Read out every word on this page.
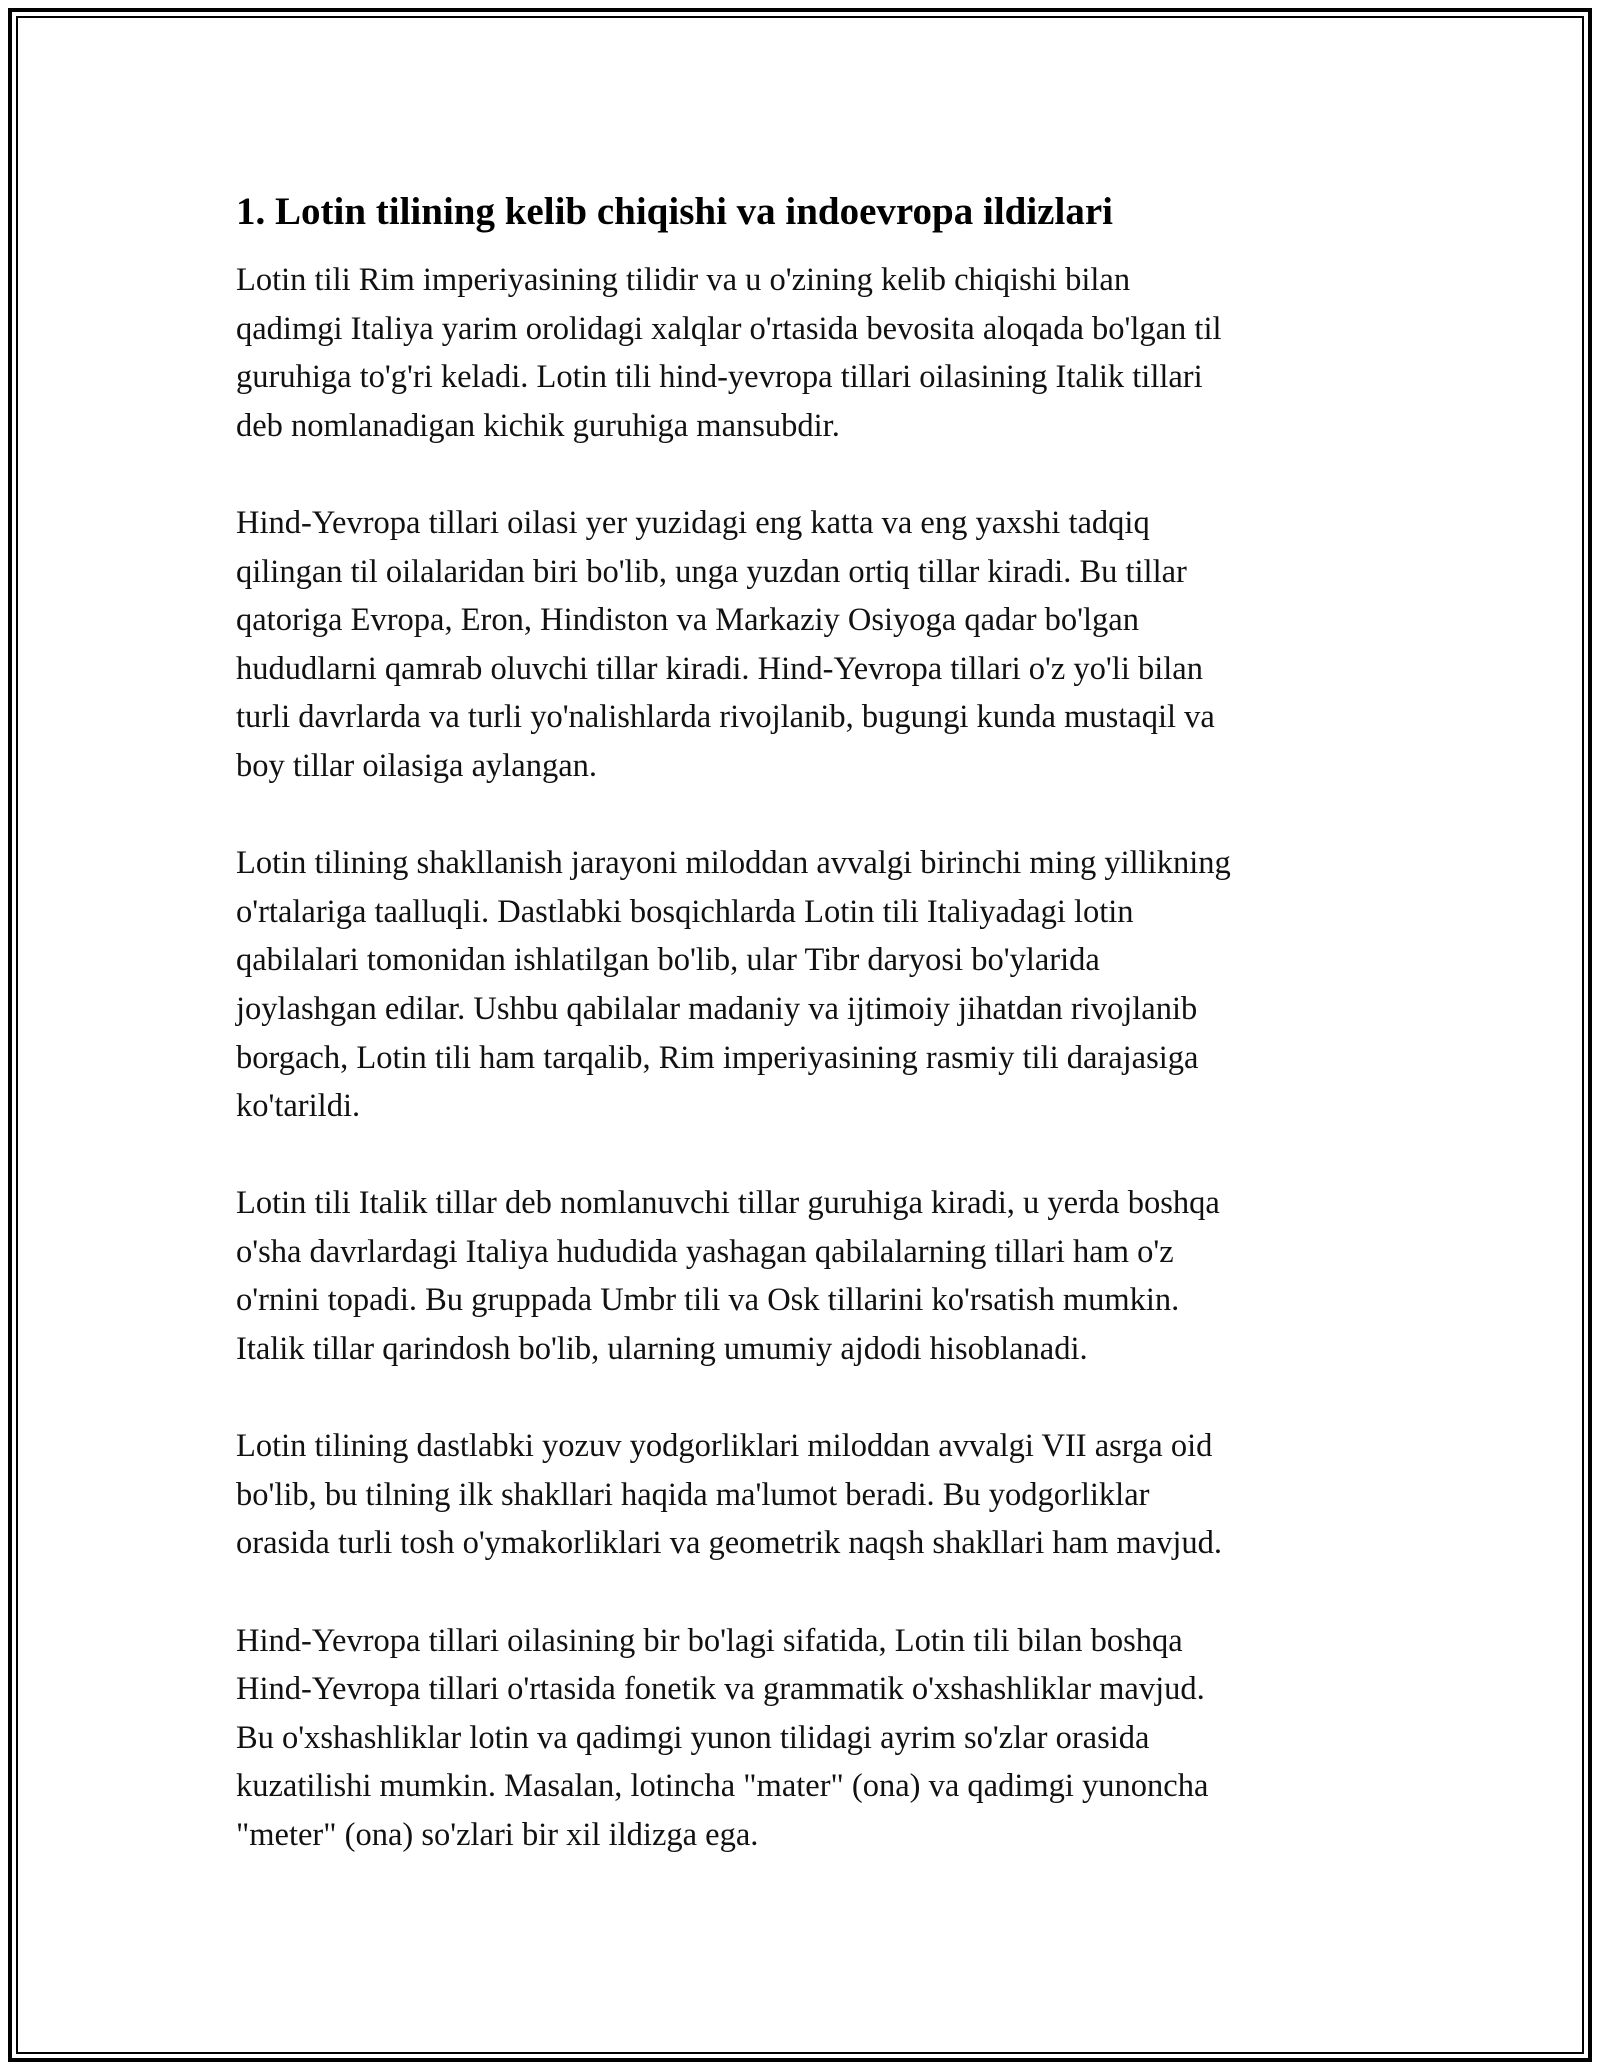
1. Lotin tilining kelib chiqishi va indoevropa ildizlari

Lotin tili Rim imperiyasining tilidir va u o'zining kelib chiqishi bilan
qadimgi Italiya yarim orolidagi xalqlar o'rtasida bevosita aloqada bo'lgan til
guruhiga to'g'ri keladi. Lotin tili hind-yevropa tillari oilasining Italik tillari
deb nomlanadigan kichik guruhiga mansubdir.

Hind-Yevropa tillari oilasi yer yuzidagi eng katta va eng yaxshi tadqiq
qilingan til oilalaridan biri bo'lib, unga yuzdan ortiq tillar kiradi. Bu tillar
qatoriga Evropa, Eron, Hindiston va Markaziy Osiyoga qadar bo'lgan
hududlarni qamrab oluvchi tillar kiradi. Hind-Yevropa tillari o'z yo'li bilan
turli davrlarda va turli yo'nalishlarda rivojlanib, bugungi kunda mustaqil va
boy tillar oilasiga aylangan.

Lotin tilining shakllanish jarayoni miloddan avvalgi birinchi ming yillikning
o'rtalariga taalluqli. Dastlabki bosqichlarda Lotin tili Italiyadagi lotin
qabilalari tomonidan ishlatilgan bo'lib, ular Tibr daryosi bo'ylarida
joylashgan edilar. Ushbu qabilalar madaniy va ijtimoiy jihatdan rivojlanib
borgach, Lotin tili ham tarqalib, Rim imperiyasining rasmiy tili darajasiga
ko'tarildi.

Lotin tili Italik tillar deb nomlanuvchi tillar guruhiga kiradi, u yerda boshqa
o'sha davrlardagi Italiya hududida yashagan qabilalarning tillari ham o'z
o'rnini topadi. Bu gruppada Umbr tili va Osk tillarini ko'rsatish mumkin.
Italik tillar qarindosh bo'lib, ularning umumiy ajdodi hisoblanadi.

Lotin tilining dastlabki yozuv yodgorliklari miloddan avvalgi VII asrga oid
bo'lib, bu tilning ilk shakllari haqida ma'lumot beradi. Bu yodgorliklar
orasida turli tosh o'ymakorliklari va geometrik naqsh shakllari ham mavjud.

Hind-Yevropa tillari oilasining bir bo'lagi sifatida, Lotin tili bilan boshqa
Hind-Yevropa tillari o'rtasida fonetik va grammatik o'xshashliklar mavjud.
Bu o'xshashliklar lotin va qadimgi yunon tilidagi ayrim so'zlar orasida
kuzatilishi mumkin. Masalan, lotincha "mater" (ona) va qadimgi yunoncha
"meter" (ona) so'zlari bir xil ildizga ega.
